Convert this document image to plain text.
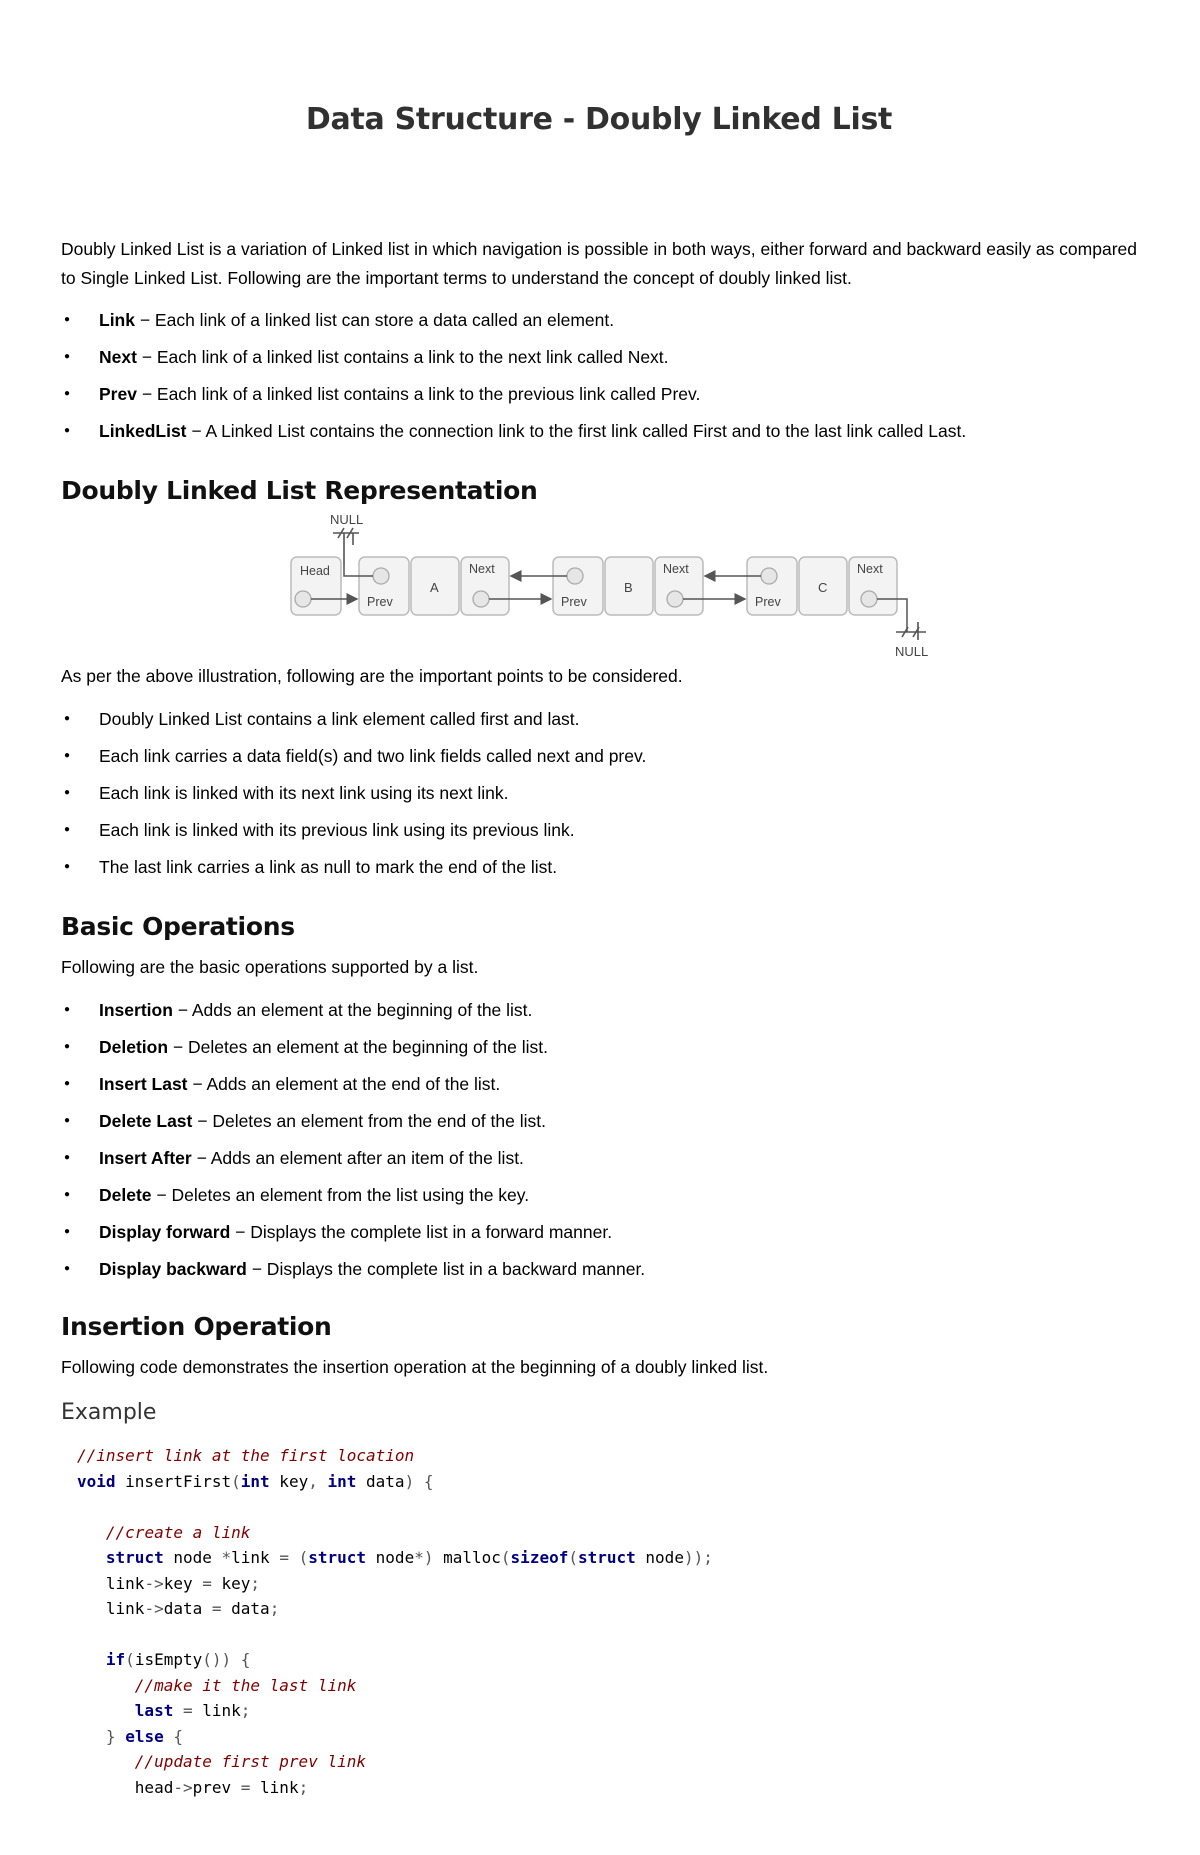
Data Structure - Doubly Linked List

Doubly Linked List is a variation of Linked list in which navigation is possible in both ways, either forward and backward easily as compared to Single Linked List. Following are the important terms to understand the concept of doubly linked list.

● Link − Each link of a linked list can store a data called an element.
● Next − Each link of a linked list contains a link to the next link called Next.
● Prev − Each link of a linked list contains a link to the previous link called Prev.
● LinkedList − A Linked List contains the connection link to the first link called First and to the last link called Last.
Doubly Linked List Representation
NULL
Head
Prev
A
Next
Prev
B
Next
Prev
C
Next
NULL

As per the above illustration, following are the important points to be considered.

● Doubly Linked List contains a link element called first and last.
● Each link carries a data field(s) and two link fields called next and prev.
● Each link is linked with its next link using its next link.
● Each link is linked with its previous link using its previous link.
● The last link carries a link as null to mark the end of the list.
Basic Operations

Following are the basic operations supported by a list.

● Insertion − Adds an element at the beginning of the list.
● Deletion − Deletes an element at the beginning of the list.
● Insert Last − Adds an element at the end of the list.
● Delete Last − Deletes an element from the end of the list.
● Insert After − Adds an element after an item of the list.
● Delete − Deletes an element from the list using the key.
● Display forward − Displays the complete list in a forward manner.
● Display backward − Displays the complete list in a backward manner.
Insertion Operation

Following code demonstrates the insertion operation at the beginning of a doubly linked list.

Example
//insert link at the first location
void insertFirst(int key, int data) {
//create a link
struct node *link = (struct node*) malloc(sizeof(struct node));
link->key = key;
link->data = data;
if(isEmpty()) {
//make it the last link
last = link;
} else {
//update first prev link
head->prev = link;
